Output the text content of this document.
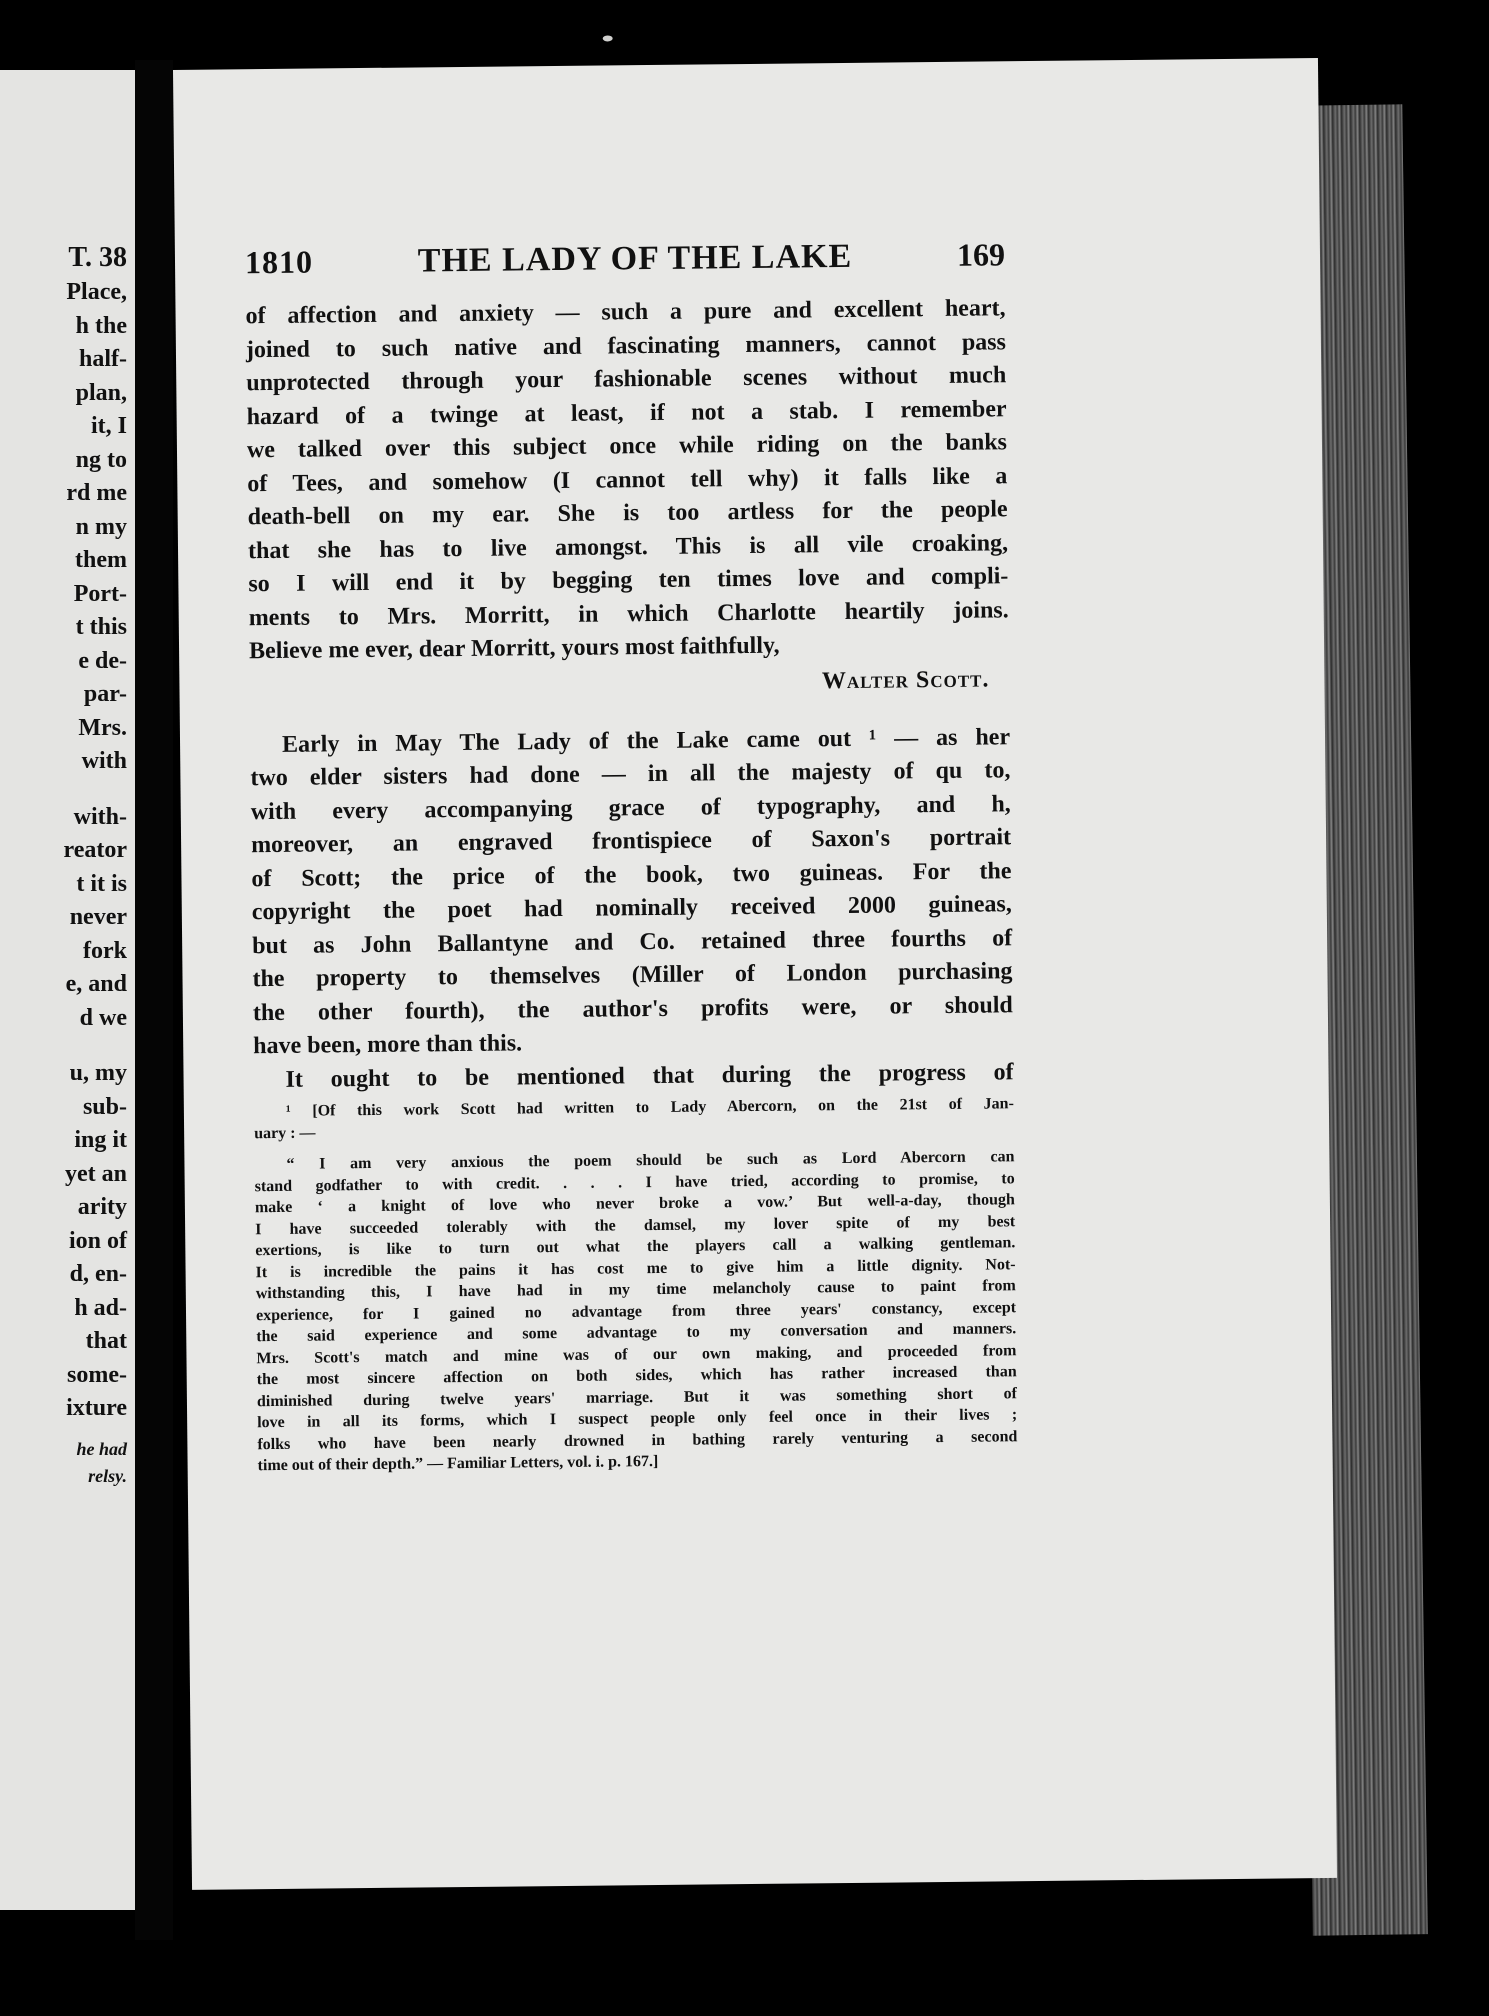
T. 38
Place,
h the
half-
plan,
it, I
ng to
rd me
n my
them
Port-
t this
e de-
par-
Mrs.
with
with-
reator
t it is
never
fork
e, and
d we
u, my
sub-
ing it
yet an
arity
ion of
d, en-
h ad-
that
some-
ixture
he had
relsy.
1810	THE LADY OF THE LAKE	169
of affection and anxiety — such a pure and excellent heart,
joined to such native and fascinating manners, cannot pass
unprotected through your fashionable scenes without much
hazard of a twinge at least, if not a stab. I remember
we talked over this subject once while riding on the banks
of Tees, and somehow (I cannot tell why) it falls like a
death-bell on my ear. She is too artless for the people
that she has to live amongst. This is all vile croaking,
so I will end it by begging ten times love and compli-
ments to Mrs. Morritt, in which Charlotte heartily joins.
Believe me ever, dear Morritt, yours most faithfully,
Walter Scott.
Early in May The Lady of the Lake came out ¹ — as her
two elder sisters had done — in all the majesty of qu to,
with every accompanying grace of typography, and h,
moreover, an engraved frontispiece of Saxon's portrait
of Scott; the price of the book, two guineas. For the
copyright the poet had nominally received 2000 guineas,
but as John Ballantyne and Co. retained three fourths of
the property to themselves (Miller of London purchasing
the other fourth), the author's profits were, or should
have been, more than this.
It ought to be mentioned that during the progress of
¹ [Of this work Scott had written to Lady Abercorn, on the 21st of Jan-
uary : —
“ I am very anxious the poem should be such as Lord Abercorn can
stand godfather to with credit. . . . I have tried, according to promise, to
make ‘ a knight of love who never broke a vow.’ But well-a-day, though
I have succeeded tolerably with the damsel, my lover spite of my best
exertions, is like to turn out what the players call a walking gentleman.
It is incredible the pains it has cost me to give him a little dignity. Not-
withstanding this, I have had in my time melancholy cause to paint from
experience, for I gained no advantage from three years' constancy, except
the said experience and some advantage to my conversation and manners.
Mrs. Scott's match and mine was of our own making, and proceeded from
the most sincere affection on both sides, which has rather increased than
diminished during twelve years' marriage. But it was something short of
love in all its forms, which I suspect people only feel once in their lives ;
folks who have been nearly drowned in bathing rarely venturing a second
time out of their depth.” — Familiar Letters, vol. i. p. 167.]
